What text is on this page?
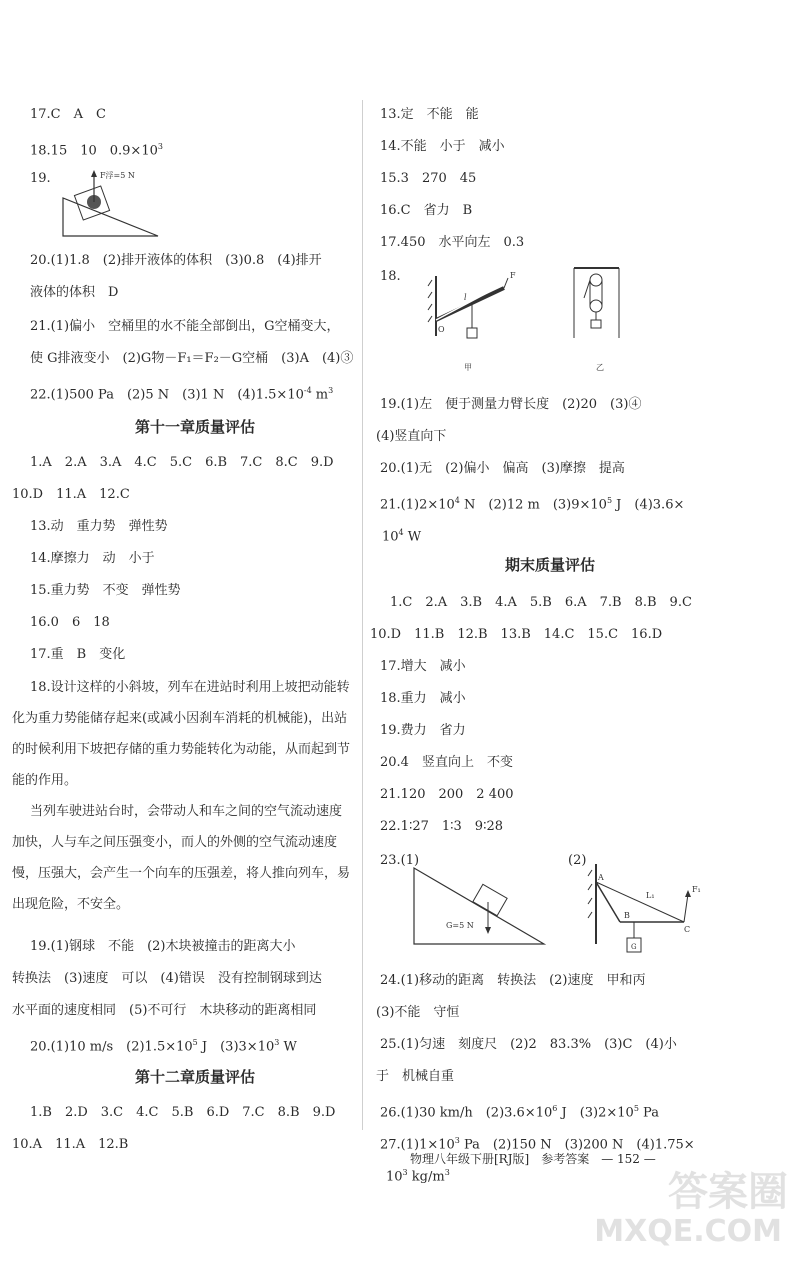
17.C　A　C
18.15　10　$0.9\times 10^3$
19.	F浮=5 N
20.(1)1.8　(2)排开液体的体积　(3)0.8　(4)排开
液体的体积　D
21.(1)偏小　空桶里的水不能全部倒出，G空桶变大，
使 G排液变小　(2)G物－F₁＝F₂－G空桶　(3)A　(4)③
22.(1)500 Pa　(2)5 N　(3)1 N　$(4)1.5\times 10^{-4}$ $m^3$
第十一章质量评估
1.A　2.A　3.A　4.C　5.C　6.B　7.C　8.C　9.D
10.D　11.A　12.C
13.动　重力势　弹性势
14.摩擦力　动　小于
15.重力势　不变　弹性势
16.0　6　18
17.重　B　变化
18.设计这样的小斜坡，列车在进站时利用上坡把动能转化为重力势能储存起来(或减小因刹车消耗的机械能)，出站的时候利用下坡把存储的重力势能转化为动能，从而起到节能的作用。
当列车驶进站台时，会带动人和车之间的空气流动速度加快，人与车之间压强变小，而人的外侧的空气流动速度慢，压强大，会产生一个向车的压强差，将人推向列车，易出现危险，不安全。
19.(1)钢球　不能　(2)木块被撞击的距离大小
转换法　(3)速度　可以　(4)错误　没有控制钢球到达
水平面的速度相同　(5)不可行　木块移动的距离相同
20.(1)10 m/s　$(2)1.5\times 10^5$ J　$(3)3\times 10^3$ W
第十二章质量评估
1.B　2.D　3.C　4.C　5.B　6.D　7.C　8.B　9.D
10.A　11.A　12.B
13.定　不能　能
14.不能　小于　减小
15.3　270　45
16.C　省力　B
17.450　水平向左　0.3
18.	F
l
O
甲	乙
19.(1)左　便于测量力臂长度　(2)20　(3)④
(4)竖直向下
20.(1)无　(2)偏小　偏高　(3)摩擦　提高
$21.(1)2\times 10^4$ N　(2)12 m　$(3)9\times 10^5$ J　(4)3.6×
$10^4$ W
期末质量评估
1.C　2.A　3.B　4.A　5.B　6.A　7.B　8.B　9.C
10.D　11.B　12.B　13.B　14.C　15.C　16.D
17.增大　减小
18.重力　减小
19.费力　省力
20.4　竖直向上　不变
21.120　200　2 400
22.1∶27　1∶3　9∶28
23.(1)	(2)
G=5 N
G
A
B
C
L₁
F₁
24.(1)移动的距离　转换法　(2)速度　甲和丙
(3)不能　守恒
25.(1)匀速　刻度尺　(2)2　83.3%　(3)C　(4)小
于　机械自重
26.(1)30 km/h　$(2)3.6\times 10^6$ J　$(3)2\times 10^5$ Pa
$27.(1)1\times 10^3$ Pa　(2)150 N　(3)200 N　(4)1.75×
$10^3$ $kg/m^3$
物理八年级下册[RJ版]　参考答案　— 152 —
答案圈
MXQE.COM
